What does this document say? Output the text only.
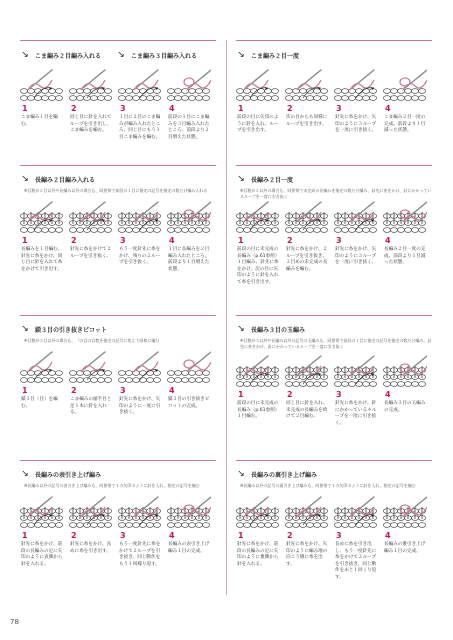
↘	こま編み２目編み入れる	↘	こま編み３目編み入れる
1
こま編み１目を編む。
2
同じ目に針を入れてループを引き出し、こま編みを編む。
3
１目に２目のこま編みが編み入れたところ。同じ目にもう１目こま編みを編む。
4
前段の１目にこま編みを３目編み入れたところ。前段より２目増えた状態。
↘	長編み２目編み入れる
※目数が２目以外や長編み以外の場合も、同要領で前段の１目に指定の記号を指定の数だけ編み入れる
1
長編みを１目編む。針先に糸をかけ、同じ目に針を入れて糸をかけて引き出す。
2
針先に糸をかけて２ループを引き抜く。
3
もう一度針先に糸をかけ、残りの２ループを引き抜く。
4
１目に長編みを２目編み入れたところ。前段より１目増えた状態。
↘	鎖３目の引き抜きピコット
※目数が３目以外の場合も、「の目の目数を指定の記号に変えて同様に編む
1
鎖３目（目）を編む。
2
こま編みの頭半目と足１本に針を入れる。
3
針先に糸をかけ、矢印のように一度に引き抜く。
4
鎖３目の引き抜きピコットの完成。
↘	長編みの表引き上げ編み
※長編み以外の記号の表引き上げ編みも、同要領で１の矢印のように針を入れ、指定の記号を編む
1
針先に糸をかけ、前段の長編みの足に矢印のように表側から針を入れる。
2
針先に糸をかけ、長めに糸を引き出す。
3
もう一度針先に糸をかけて２ループを引き抜き、同じ動作をもう１回繰り返す。
4
長編みの表引き上げ編み１目の完成。
↘	こま編み２目一度
1
前段の目に矢印のように針を入れ、ループを引き出す。
2
次の目からも同様にループを引き出す。
3
針先に糸をかけ、矢印のように３ループを一度に引き抜く。
4
こま編み２目一度の完成。前段より１目減った状態。
↘	長編み２目一度
※目数が２以外の場合も、同要領で未完成の長編みを指定の数だけ編み、針先に糸をかけ、針にかかっているループを一度に引き抜く
1
前段の目に未完成の長編み（p.61参照）１目編み、針先に糸をかけ、次の目に矢印のように針を入れて糸を引き出す。
2
針先に糸をかけ、２ループを引き抜き、２目めの未完成の長編みを編む。
3
針先に糸をかけ、矢印のように３ループを一度に引き抜く。
4
長編み２目一度の完成。前段より１目減った状態。
↘	長編み３目の玉編み
※目数が３以外や長編み以外の記号の玉編みも、同要領で前段の１目に指定の記号を指定の数だけ編み、針先に糸をかけ、針にかかっているループを一度に引き抜く
1
前段の目に未完成の長編み（p.61参照）１目編む。
2
同じ目に針を入れ、未完成の長編みを続けて２目編む。
3
針先に糸をかけ、針にかかっている４ループを一度に引き抜く。
4
長編み３目の玉編みの完成。
↘	長編みの裏引き上げ編み
※長編み以外の記号の裏引き上げ編みも、同要領で１の矢印のように針を入れ、指定の記号を編む
1
針先に糸をかけ、前段の長編みの足に矢印のように裏側から針を入れる。
2
針先に糸をかけ、矢印のように編み地の向こう側に糸を出す。
3
長めに糸を引き出し、もう一度針先に糸をかけて２ループを引き抜き、同じ動作をあと１回くり返す。
4
長編みの裏引き上げ編み１目の完成。
78
